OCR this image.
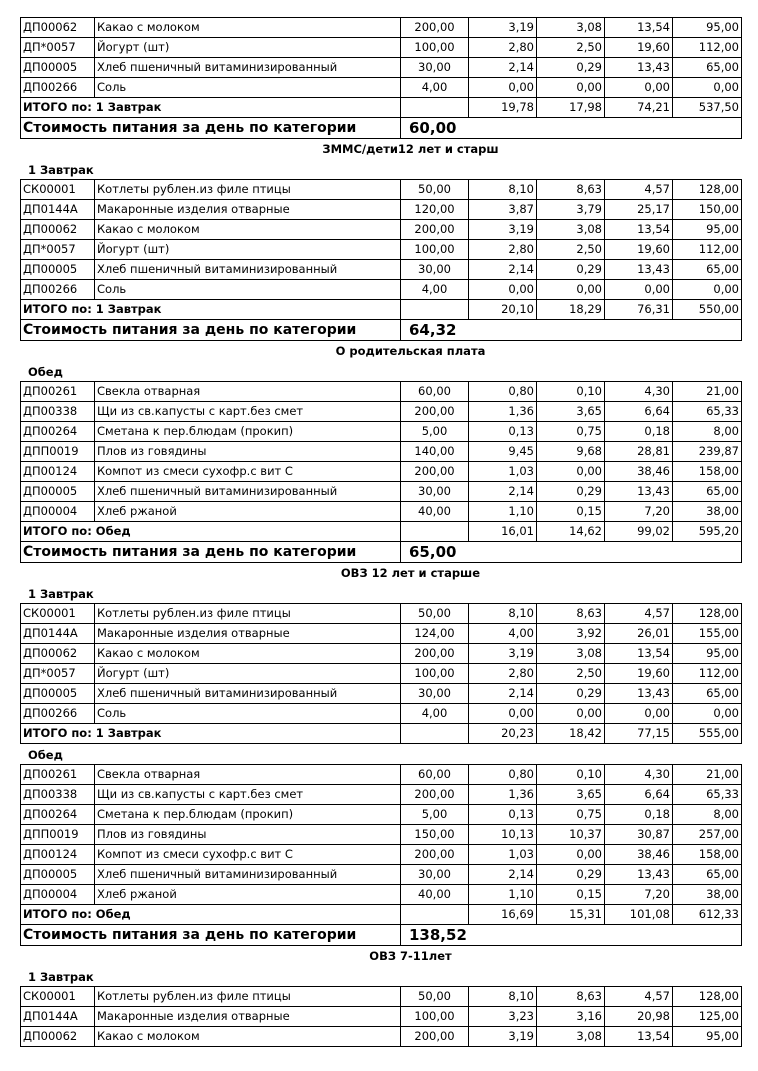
ДП00062	Какао с молоком	200,00	3,19	3,08	13,54	95,00
ДП*0057	Йогурт (шт)	100,00	2,80	2,50	19,60	112,00
ДП00005	Хлеб пшеничный витаминизированный	30,00	2,14	0,29	13,43	65,00
ДП00266	Соль	4,00	0,00	0,00	0,00	0,00
ИТОГО по: 1 Завтрак			19,78	17,98	74,21	537,50
Стоимость питания за день по категории		60,00				
ЗММС/дети12 лет и старш
1 Завтрак
СК00001	Котлеты рублен.из филе птицы	50,00	8,10	8,63	4,57	128,00
ДП0144А	Макаронные изделия отварные	120,00	3,87	3,79	25,17	150,00
ДП00062	Какао с молоком	200,00	3,19	3,08	13,54	95,00
ДП*0057	Йогурт (шт)	100,00	2,80	2,50	19,60	112,00
ДП00005	Хлеб пшеничный витаминизированный	30,00	2,14	0,29	13,43	65,00
ДП00266	Соль	4,00	0,00	0,00	0,00	0,00
ИТОГО по: 1 Завтрак			20,10	18,29	76,31	550,00
Стоимость питания за день по категории		64,32				
О родительская плата
Обед
ДП00261	Свекла отварная	60,00	0,80	0,10	4,30	21,00
ДП00338	Щи из св.капусты с карт.без смет	200,00	1,36	3,65	6,64	65,33
ДП00264	Сметана к пер.блюдам (прокип)	5,00	0,13	0,75	0,18	8,00
ДПП0019	Плов из говядины	140,00	9,45	9,68	28,81	239,87
ДП00124	Компот из смеси сухофр.с вит С	200,00	1,03	0,00	38,46	158,00
ДП00005	Хлеб пшеничный витаминизированный	30,00	2,14	0,29	13,43	65,00
ДП00004	Хлеб ржаной	40,00	1,10	0,15	7,20	38,00
ИТОГО по: Обед			16,01	14,62	99,02	595,20
Стоимость питания за день по категории		65,00				
ОВЗ 12 лет и старше
1 Завтрак
СК00001	Котлеты рублен.из филе птицы	50,00	8,10	8,63	4,57	128,00
ДП0144А	Макаронные изделия отварные	124,00	4,00	3,92	26,01	155,00
ДП00062	Какао с молоком	200,00	3,19	3,08	13,54	95,00
ДП*0057	Йогурт (шт)	100,00	2,80	2,50	19,60	112,00
ДП00005	Хлеб пшеничный витаминизированный	30,00	2,14	0,29	13,43	65,00
ДП00266	Соль	4,00	0,00	0,00	0,00	0,00
ИТОГО по: 1 Завтрак			20,23	18,42	77,15	555,00
Обед
ДП00261	Свекла отварная	60,00	0,80	0,10	4,30	21,00
ДП00338	Щи из св.капусты с карт.без смет	200,00	1,36	3,65	6,64	65,33
ДП00264	Сметана к пер.блюдам (прокип)	5,00	0,13	0,75	0,18	8,00
ДПП0019	Плов из говядины	150,00	10,13	10,37	30,87	257,00
ДП00124	Компот из смеси сухофр.с вит С	200,00	1,03	0,00	38,46	158,00
ДП00005	Хлеб пшеничный витаминизированный	30,00	2,14	0,29	13,43	65,00
ДП00004	Хлеб ржаной	40,00	1,10	0,15	7,20	38,00
ИТОГО по: Обед			16,69	15,31	101,08	612,33
Стоимость питания за день по категории		138,52				
ОВЗ 7-11лет
1 Завтрак
СК00001	Котлеты рублен.из филе птицы	50,00	8,10	8,63	4,57	128,00
ДП0144А	Макаронные изделия отварные	100,00	3,23	3,16	20,98	125,00
ДП00062	Какао с молоком	200,00	3,19	3,08	13,54	95,00
